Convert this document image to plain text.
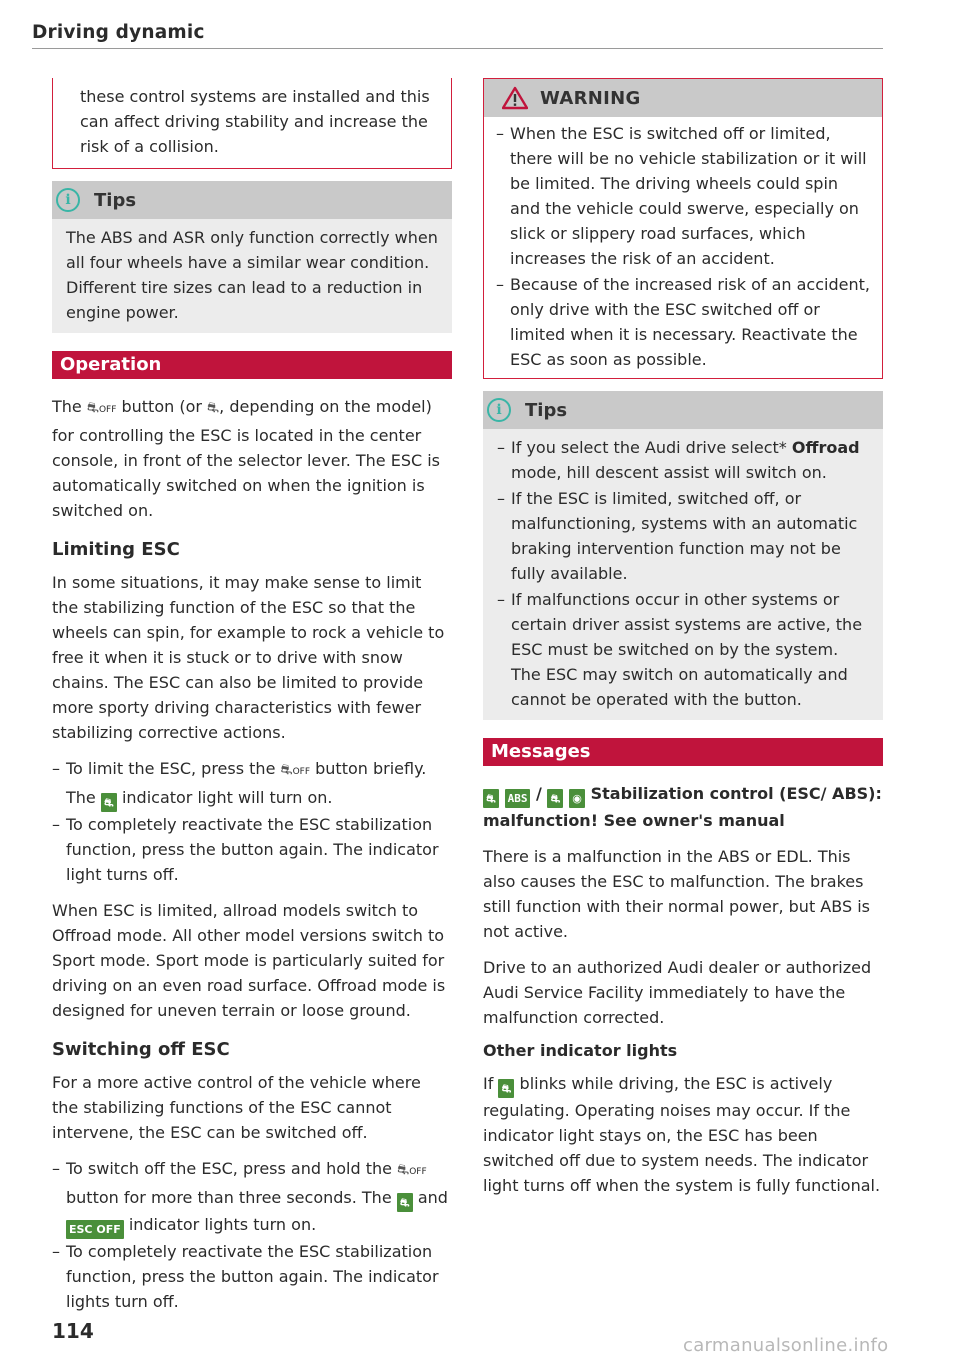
Driving dynamic

these control systems are installed and this can affect driving stability and increase the risk of a collision.

i	Tips

The ABS and ASR only function correctly when all four wheels have a similar wear condition. Different tire sizes can lead to a reduction in engine power.

Operation

The ⛐OFF button (or ⛐, depending on the model) for controlling the ESC is located in the center console, in front of the selector lever. The ESC is automatically switched on when the ignition is switched on.

Limiting ESC

In some situations, it may make sense to limit the stabilizing function of the ESC so that the wheels can spin, for example to rock a vehicle to free it when it is stuck or to drive with snow chains. The ESC can also be limited to provide more sporty driving characteristics with fewer stabilizing corrective actions.

– To limit the ESC, press the ⛐OFF button briefly.
The ⛐ indicator light will turn on.
– To completely reactivate the ESC stabilization function, press the button again. The indicator light turns off.

When ESC is limited, allroad models switch to Offroad mode. All other model versions switch to Sport mode. Sport mode is particularly suited for driving on an even road surface. Offroad mode is designed for uneven terrain or loose ground.

Switching off ESC

For a more active control of the vehicle where the stabilizing functions of the ESC cannot intervene, the ESC can be switched off.

– To switch off the ESC, press and hold the ⛐OFF button for more than three seconds. The ⛐ and ESC OFF indicator lights turn on.
– To completely reactivate the ESC stabilization function, press the button again. The indicator lights turn off.
114
WARNING
– When the ESC is switched off or limited, there will be no vehicle stabilization or it will be limited. The driving wheels could spin and the vehicle could swerve, especially on slick or slippery road surfaces, which increases the risk of an accident.
– Because of the increased risk of an accident, only drive with the ESC switched off or limited when it is necessary. Reactivate the ESC as soon as possible.
i	Tips
– If you select the Audi drive select* Offroad mode, hill descent assist will switch on.
– If the ESC is limited, switched off, or malfunctioning, systems with an automatic braking intervention function may not be fully available.
– If malfunctions occur in other systems or certain driver assist systems are active, the ESC must be switched on by the system. The ESC may switch on automatically and cannot be operated with the button.
Messages
⛐ ABS / ⛐ ◉ Stabilization control (ESC/ ABS): malfunction! See owner's manual

There is a malfunction in the ABS or EDL. This also causes the ESC to malfunction. The brakes still function with their normal power, but ABS is not active.

Drive to an authorized Audi dealer or authorized Audi Service Facility immediately to have the malfunction corrected.

Other indicator lights

If ⛐ blinks while driving, the ESC is actively regulating. Operating noises may occur. If the indicator light stays on, the ESC has been switched off due to system needs. The indicator light turns off when the system is fully functional.

carmanualsonline.info
